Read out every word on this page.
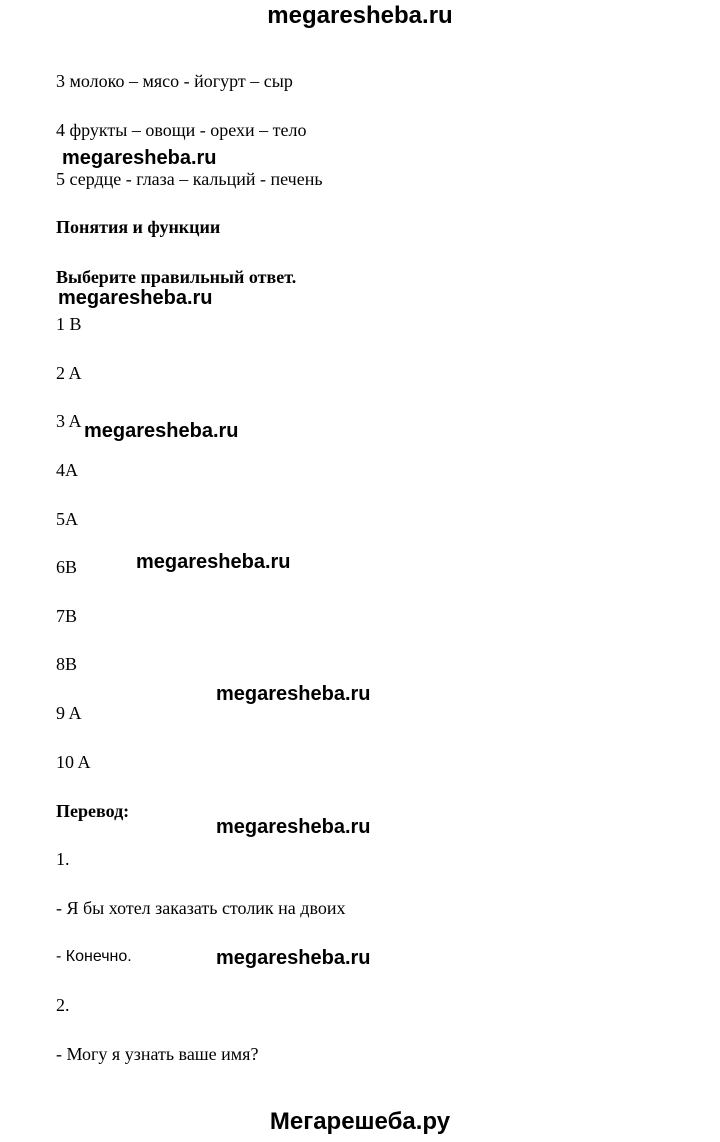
megaresheba.ru
3 молоко – мясо - йогурт – сыр
4 фрукты – овощи - орехи – тело
5 сердце - глаза – кальций - печень
Понятия и функции
Выберите правильный ответ.
1 B
2 A
3 A
4A
5A
6B
7B
8B
9 A
10 A
Перевод:
1.
- Я бы хотел заказать столик на двоих
- Конечно.
2.
- Могу я узнать ваше имя?
megaresheba.ru
megaresheba.ru
megaresheba.ru
megaresheba.ru
megaresheba.ru
megaresheba.ru
megaresheba.ru
Мегарешеба.ру
